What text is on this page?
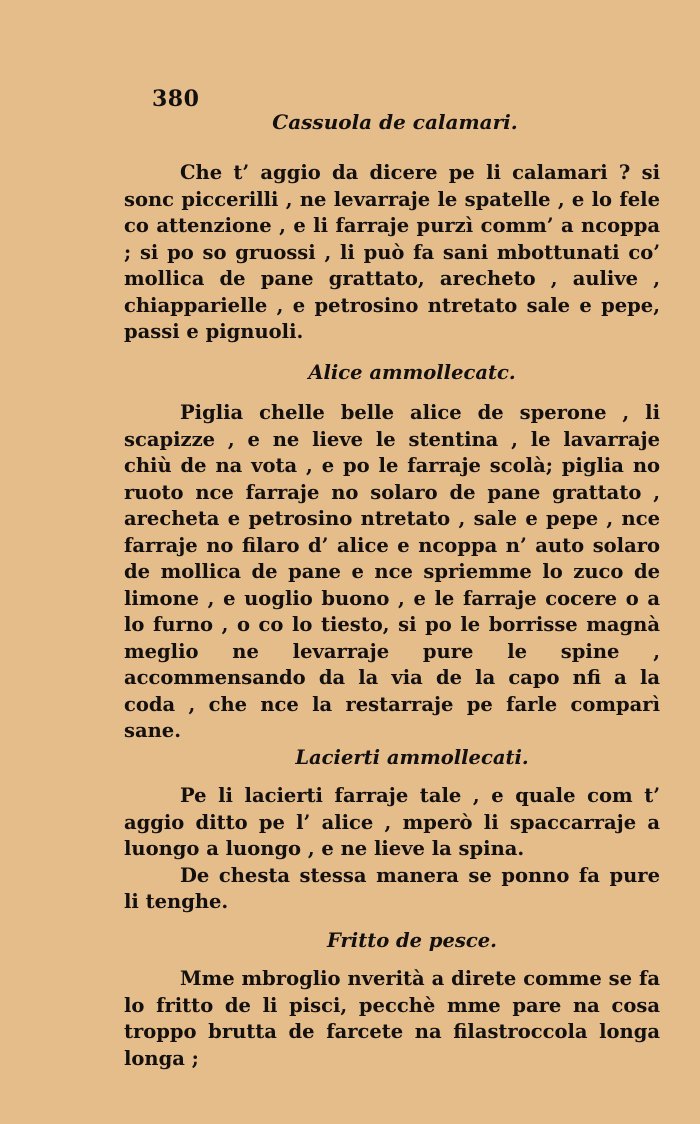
380
Cassuola de calamari.

Che t’ aggio da dicere pe li calamari ? si sonc piccerilli , ne levarraje le spatelle , e lo fele co attenzione , e li farraje purzì comm’ a ncoppa ; si po so gruossi , li può fa sani mbottunati co’ mollica de pane grattato, arecheto , aulive , chiapparielle , e petrosino ntretato sale e pepe, passi e pignuoli.

Alice ammollecatc.

Piglia chelle belle alice de sperone , li scapizze , e ne lieve le stentina , le lavarraje chiù de na vota , e po le farraje scolà; piglia no ruoto nce farraje no solaro de pane grattato , arecheta e petrosino ntretato , sale e pepe , nce farraje no filaro d’ alice e ncoppa n’ auto solaro de mollica de pane e nce spriemme lo zuco de limone , e uoglio buono , e le farraje cocere o a lo furno , o co lo tiesto, si po le borrisse magnà meglio ne levarraje pure le spine , accommensando da la via de la capo nfi a la coda , che nce la restarraje pe farle comparì sane.

Lacierti ammollecati.

Pe li lacierti farraje tale , e quale com t’ aggio ditto pe l’ alice , mperò li spaccarraje a luongo a luongo , e ne lieve la spina.

De chesta stessa manera se ponno fa pure li tenghe.

Fritto de pesce.

Mme mbroglio nverità a direte comme se fa lo fritto de li pisci, pecchè mme pare na cosa troppo brutta de farcete na filastroccola longa longa ;
